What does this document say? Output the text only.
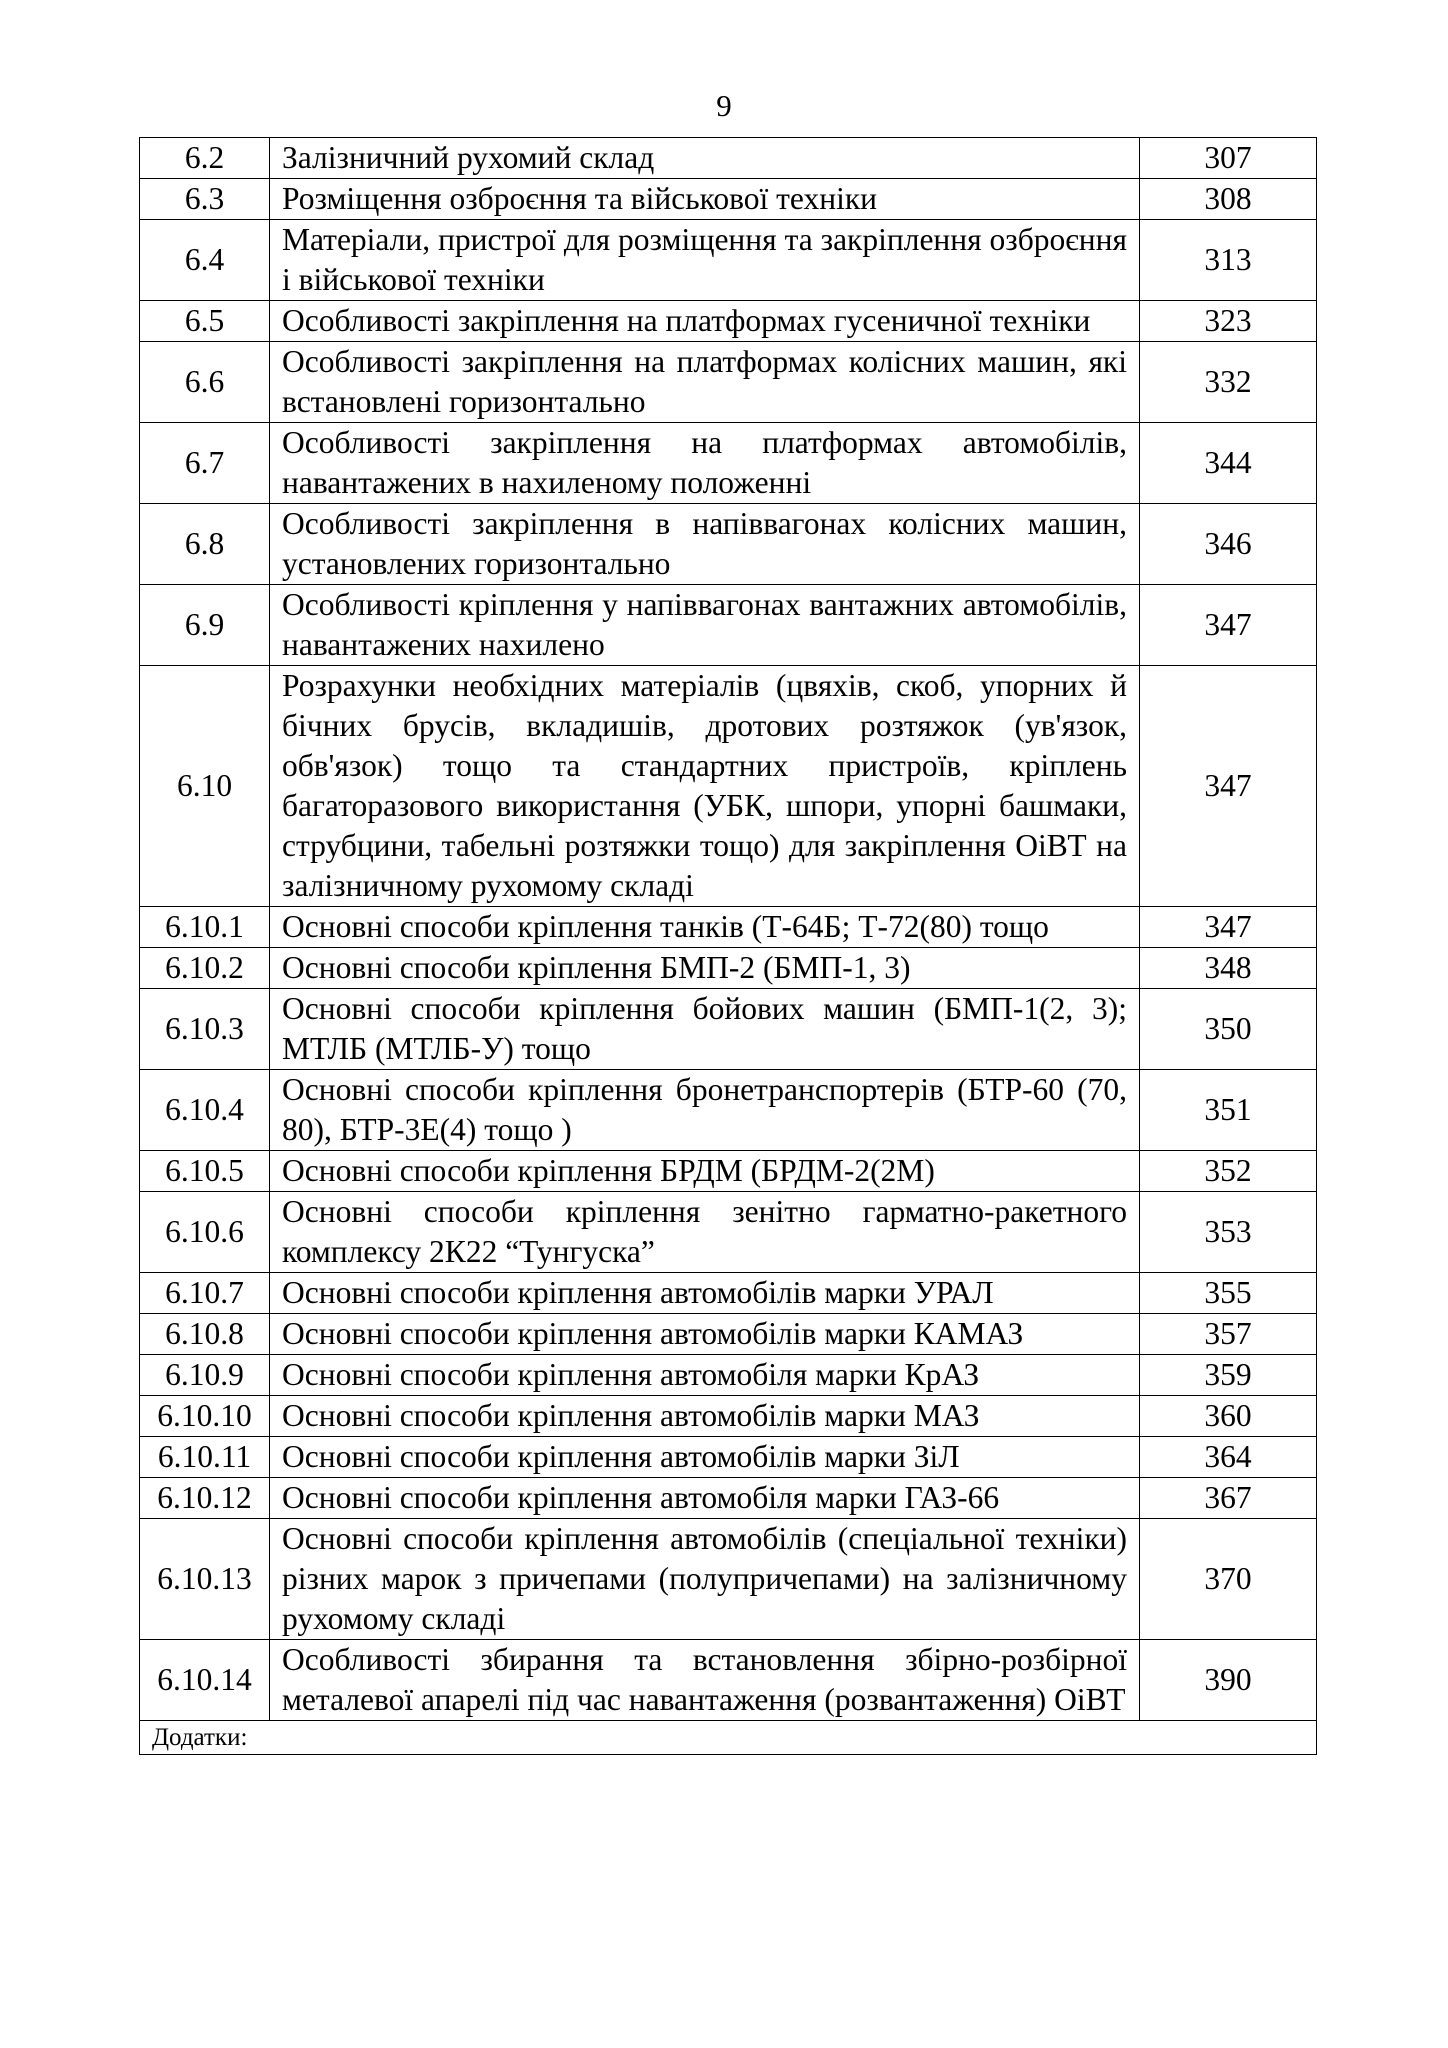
9
6.2	Залізничний рухомий склад	307
6.3	Розміщення озброєння та військової техніки	308
6.4	Матеріали, пристрої для розміщення та закріплення озброєння і військової техніки	313
6.5	Особливості закріплення на платформах гусеничної техніки	323
6.6	Особливості закріплення на платформах колісних машин, які встановлені горизонтально	332
6.7	Особливості закріплення на платформах автомобілів, навантажених в нахиленому положенні	344
6.8	Особливості закріплення в напіввагонах колісних машин, установлених горизонтально	346
6.9	Особливості кріплення у напіввагонах вантажних автомобілів, навантажених нахилено	347
6.10	Розрахунки необхідних матеріалів (цвяхів, скоб, упорних й бічних брусів, вкладишів, дротових розтяжок (ув'язок, обв'язок) тощо та стандартних пристроїв, кріплень багаторазового використання (УБК, шпори, упорні башмаки, струбцини, табельні розтяжки тощо) для закріплення ОіВТ на залізничному рухомому складі	347
6.10.1	Основні способи кріплення танків (Т-64Б; Т-72(80) тощо	347
6.10.2	Основні способи кріплення БМП-2 (БМП-1, 3)	348
6.10.3	Основні способи кріплення бойових машин (БМП-1(2, 3); МТЛБ (МТЛБ-У) тощо	350
6.10.4	Основні способи кріплення бронетранспортерів (БТР-60 (70, 80), БТР-3Е(4) тощо )	351
6.10.5	Основні способи кріплення БРДМ (БРДМ-2(2М)	352
6.10.6	Основні способи кріплення зенітно гарматно-ракетного комплексу 2К22 “Тунгуска”	353
6.10.7	Основні способи кріплення автомобілів марки УРАЛ	355
6.10.8	Основні способи кріплення автомобілів марки КАМАЗ	357
6.10.9	Основні способи кріплення автомобіля марки КрАЗ	359
6.10.10	Основні способи кріплення автомобілів марки МАЗ	360
6.10.11	Основні способи кріплення автомобілів марки ЗіЛ	364
6.10.12	Основні способи кріплення автомобіля марки ГАЗ-66	367
6.10.13	Основні способи кріплення автомобілів (спеціальної техніки) різних марок з причепами (полупричепами) на залізничному рухомому складі	370
6.10.14	Особливості збирання та встановлення збірно-розбірної металевої апарелі під час навантаження (розвантаження) ОіВТ	390
Додатки:		
